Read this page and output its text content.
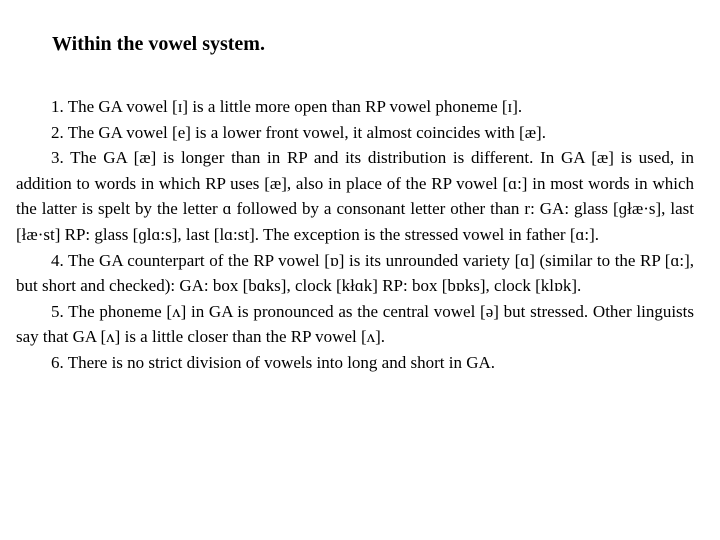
Within the vowel system.

1. The GA vowel [ɪ] is a little more open than RP vowel phoneme [ɪ].

2. The GA vowel [e] is a lower front vowel, it almost coincides with [æ].

3. The GA [æ] is longer than in RP and its distribution is different. In GA [æ] is used, in addition to words in which RP uses [æ], also in place of the RP vowel [ɑ:] in most words in which the latter is spelt by the letter ɑ followed by a consonant letter other than r: GA: glass [ɡłæ·s], last [łæ·st] RP: glass [ɡlɑ:s], last [lɑ:st]. The exception is the stressed vowel in father [ɑ:].

4. The GA counterpart of the RP vowel [ɒ] is its unrounded variety [ɑ] (similar to the RP [ɑ:], but short and checked): GA: box [bɑks], clock [kłɑk] RP: box [bɒks], clock [klɒk].

5. The phoneme [ʌ] in GA is pronounced as the central vowel [ə] but stressed. Other linguists say that GA [ʌ] is a little closer than the RP vowel [ʌ].

6. There is no strict division of vowels into long and short in GA.
